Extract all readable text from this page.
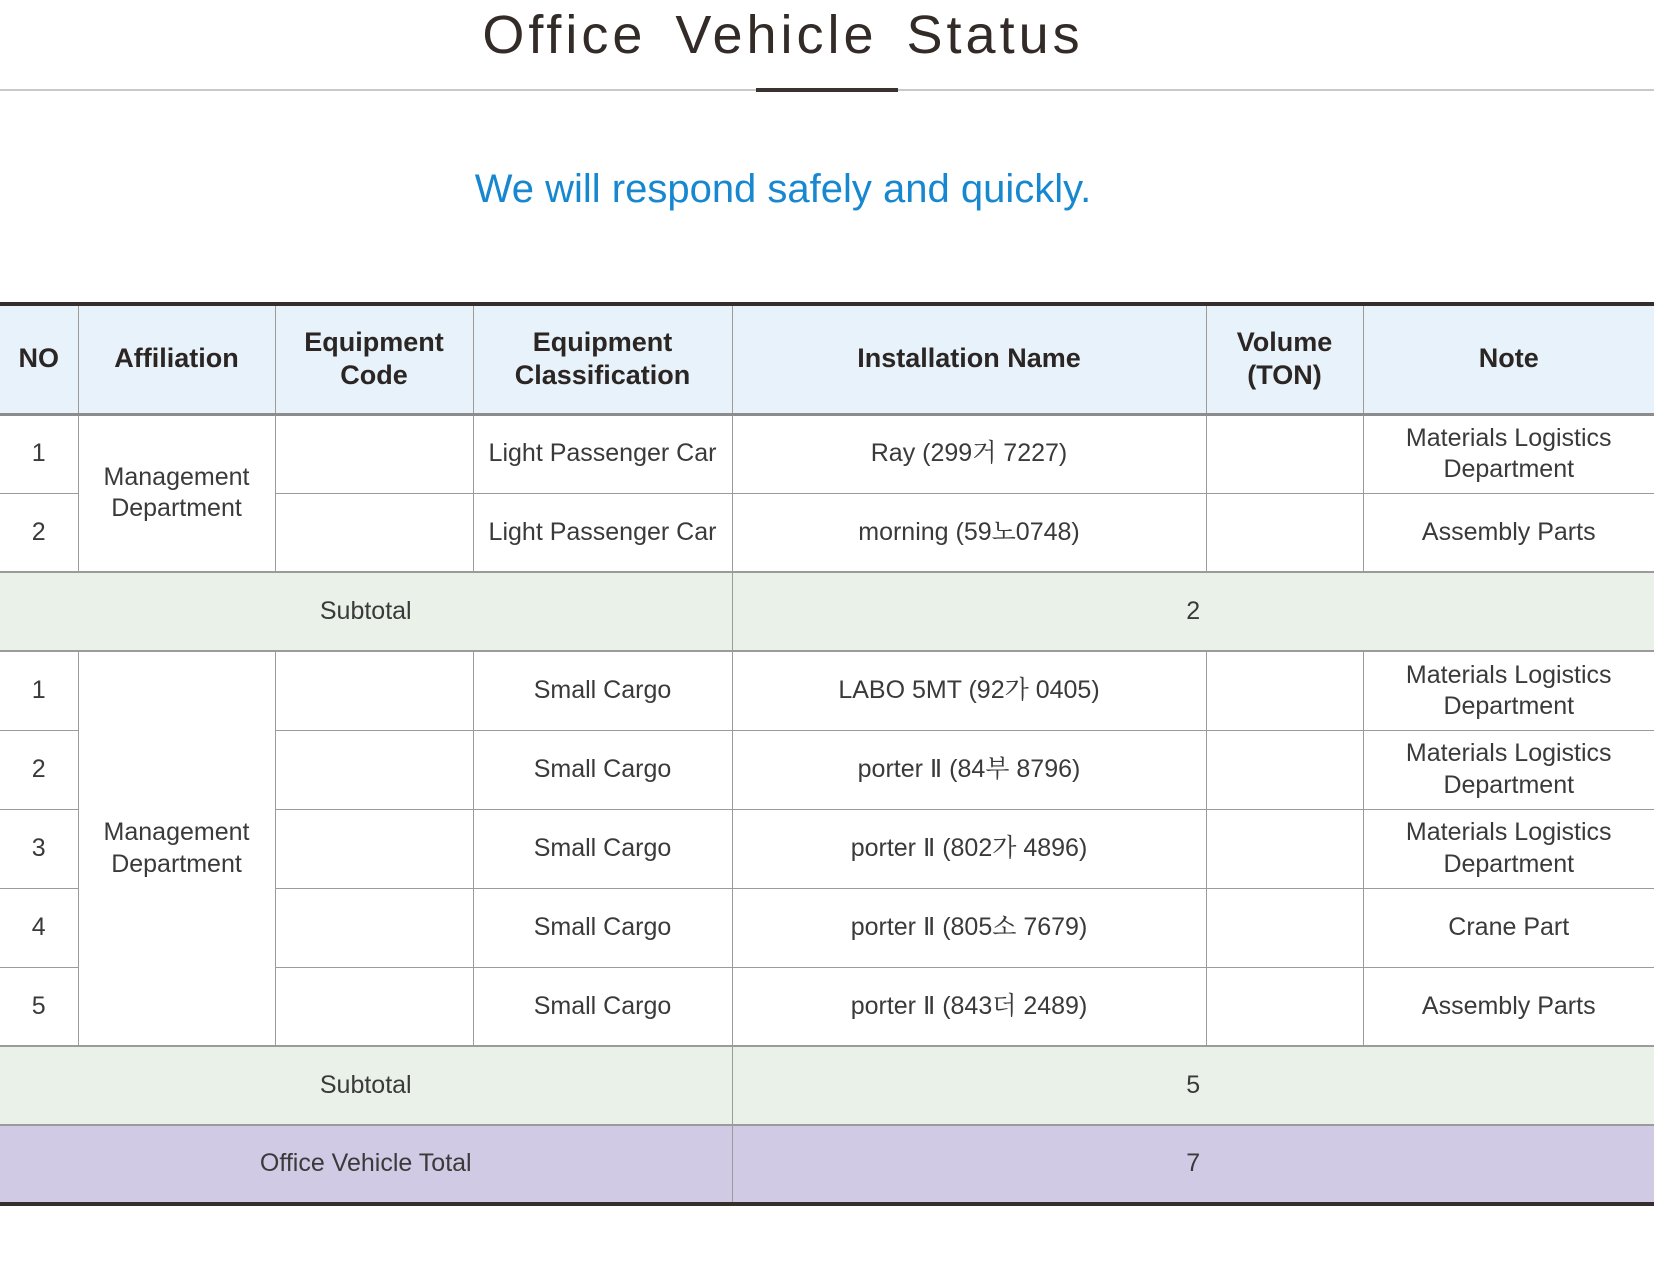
Office Vehicle Status
We will respond safely and quickly.
NO	Affiliation	Equipment Code	Equipment Classification	Installation Name	Volume (TON)	Note
1	Management Department		Light Passenger Car	Ray (299거 7227)		Materials Logistics Department
2			Light Passenger Car	morning (59노0748)		Assembly Parts
Subtotal				2		
1	Management Department		Small Cargo	LABO 5MT (92가 0405)		Materials Logistics Department
2			Small Cargo	porter Ⅱ (84부 8796)		Materials Logistics Department
3			Small Cargo	porter Ⅱ (802가 4896)		Materials Logistics Department
4			Small Cargo	porter Ⅱ (805소 7679)		Crane Part
5			Small Cargo	porter Ⅱ (843더 2489)		Assembly Parts
Subtotal				5		
Office Vehicle Total				7		
